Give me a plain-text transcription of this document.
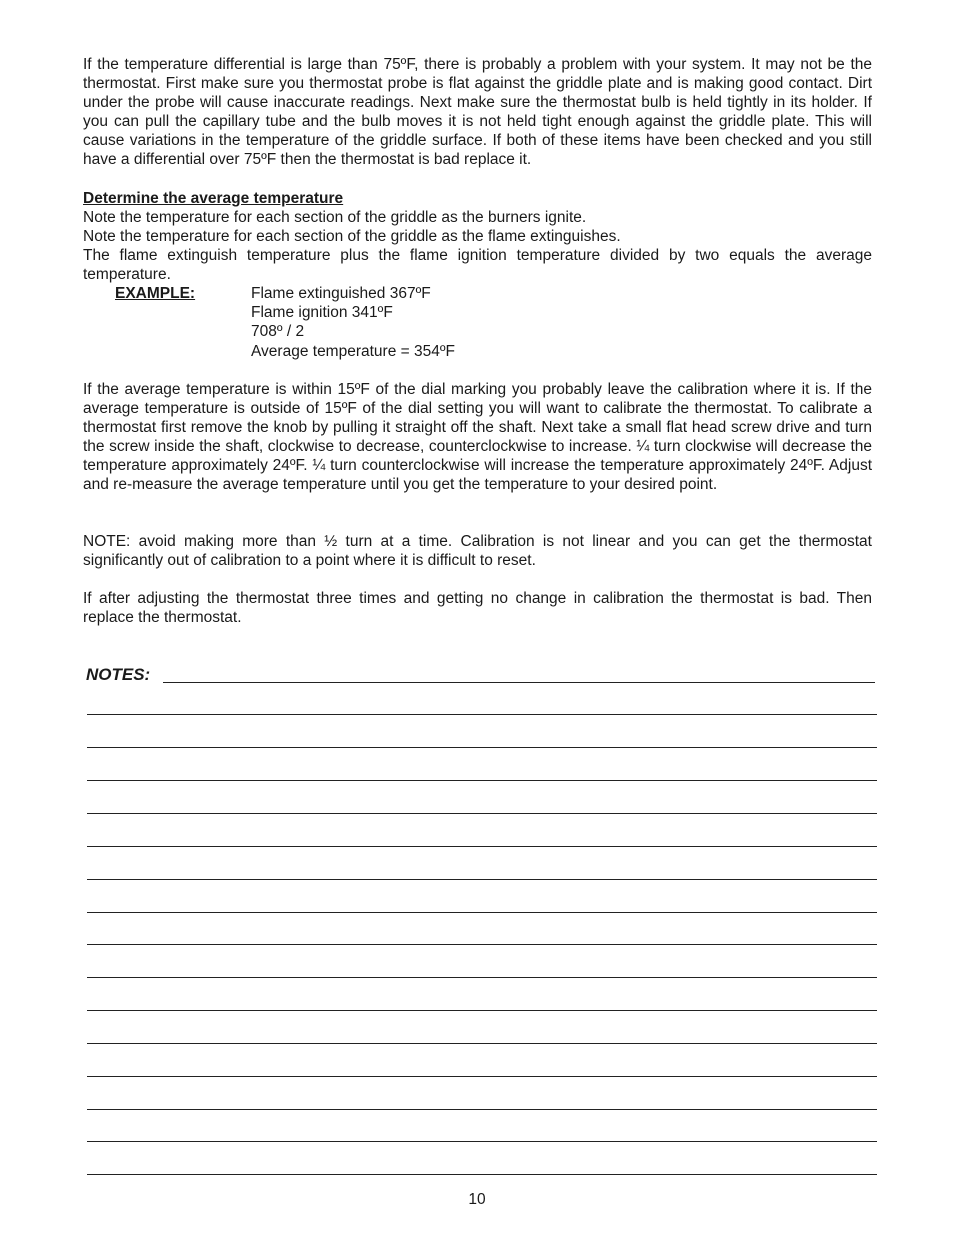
If the temperature differential is large than 75ºF, there is probably a problem with your system. It may not be the thermostat. First make sure you thermostat probe is flat against the griddle plate and is making good contact. Dirt under the probe will cause inaccurate readings. Next make sure the thermostat bulb is held tightly in its holder. If you can pull the capillary tube and the bulb moves it is not held tight enough against the griddle plate. This will cause variations in the temperature of the griddle surface. If both of these items have been checked and you still have a differential over 75ºF then the thermostat is bad replace it.

Determine the average temperature
Note the temperature for each section of the griddle as the burners ignite.
Note the temperature for each section of the griddle as the flame extinguishes.

The flame extinguish temperature plus the flame ignition temperature divided by two equals the average temperature.

EXAMPLE:	Flame extinguished 367ºF
Flame ignition 341ºF
708º / 2
Average temperature = 354ºF

If the average temperature is within 15ºF of the dial marking you probably leave the calibration where it is. If the average temperature is outside of 15ºF of the dial setting you will want to calibrate the thermostat. To calibrate a thermostat first remove the knob by pulling it straight off the shaft. Next take a small flat head screw drive and turn the screw inside the shaft, clockwise to decrease, counterclockwise to increase. ¼ turn clockwise will decrease the temperature approximately 24ºF. ¼ turn counterclockwise will increase the temperature approximately 24ºF. Adjust and re-measure the average temperature until you get the temperature to your desired point.

NOTE: avoid making more than ½ turn at a time. Calibration is not linear and you can get the thermostat significantly out of calibration to a point where it is difficult to reset.

If after adjusting the thermostat three times and getting no change in calibration the thermostat is bad. Then replace the thermostat.

NOTES:
10
